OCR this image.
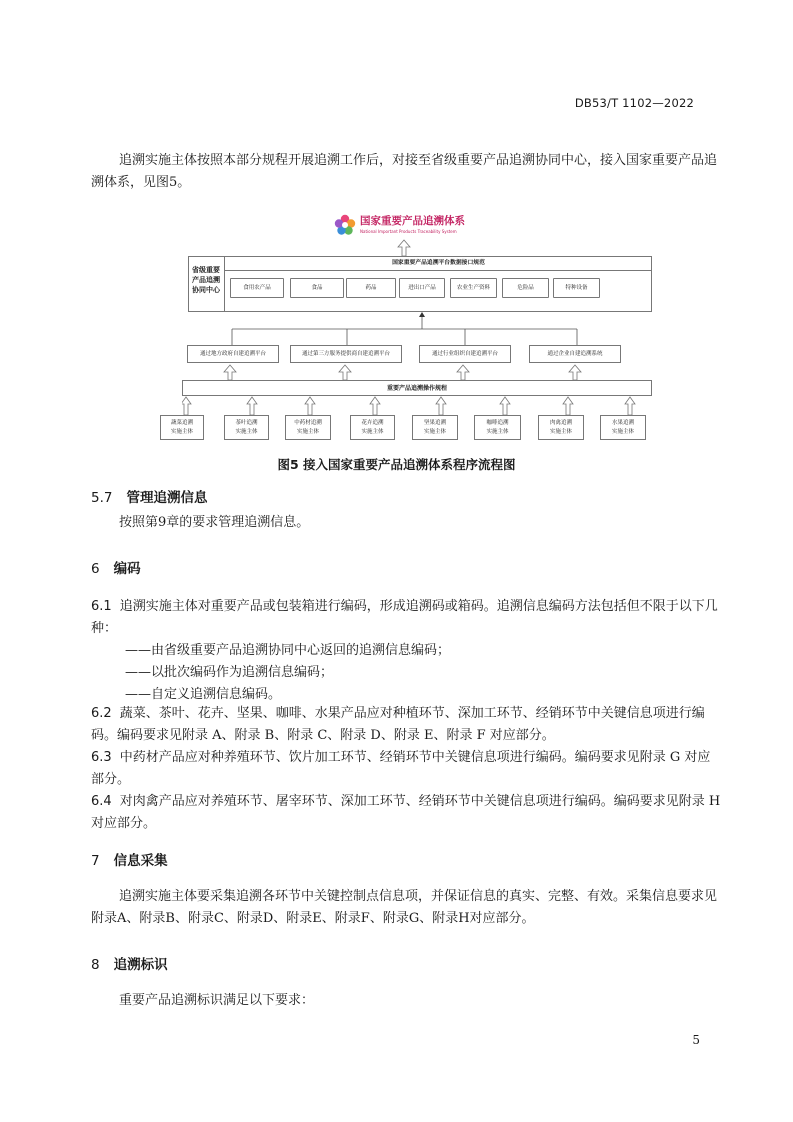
DB53/T 1102—2022

追溯实施主体按照本部分规程开展追溯工作后，对接至省级重要产品追溯协同中心，接入国家重要产品追溯体系，见图5。

国家重要产品追溯体系
National Important Products Traceability System
省级重要
产品追溯
协同中心
国家重要产品追溯平台数据接口规范
食用农产品	食品	药品	进出口产品	农业生产资料	危险品	特种设备
通过地方政府自建追溯平台	通过第三方服务提供商自建追溯平台	通过行业组织自建追溯平台	通过企业自建追溯系统
重要产品追溯操作规程
蔬菜追溯
实施主体
茶叶追溯
实施主体
中药材追溯
实施主体
花卉追溯
实施主体
坚果追溯
实施主体
咖啡追溯
实施主体
肉禽追溯
实施主体
水果追溯
实施主体
图5 接入国家重要产品追溯体系程序流程图
5.7 管理追溯信息

按照第9章的要求管理追溯信息。

6 编码

6.1 追溯实施主体对重要产品或包装箱进行编码，形成追溯码或箱码。追溯信息编码方法包括但不限于以下几种：

——由省级重要产品追溯协同中心返回的追溯信息编码；
——以批次编码作为追溯信息编码；
——自定义追溯信息编码。

6.2 蔬菜、茶叶、花卉、坚果、咖啡、水果产品应对种植环节、深加工环节、经销环节中关键信息项进行编码。编码要求见附录 A、附录 B、附录 C、附录 D、附录 E、附录 F 对应部分。

6.3 中药材产品应对种养殖环节、饮片加工环节、经销环节中关键信息项进行编码。编码要求见附录 G 对应部分。

6.4 对肉禽产品应对养殖环节、屠宰环节、深加工环节、经销环节中关键信息项进行编码。编码要求见附录 H 对应部分。

7 信息采集

追溯实施主体要采集追溯各环节中关键控制点信息项，并保证信息的真实、完整、有效。采集信息要求见附录A、附录B、附录C、附录D、附录E、附录F、附录G、附录H对应部分。

8 追溯标识

重要产品追溯标识满足以下要求：

5
